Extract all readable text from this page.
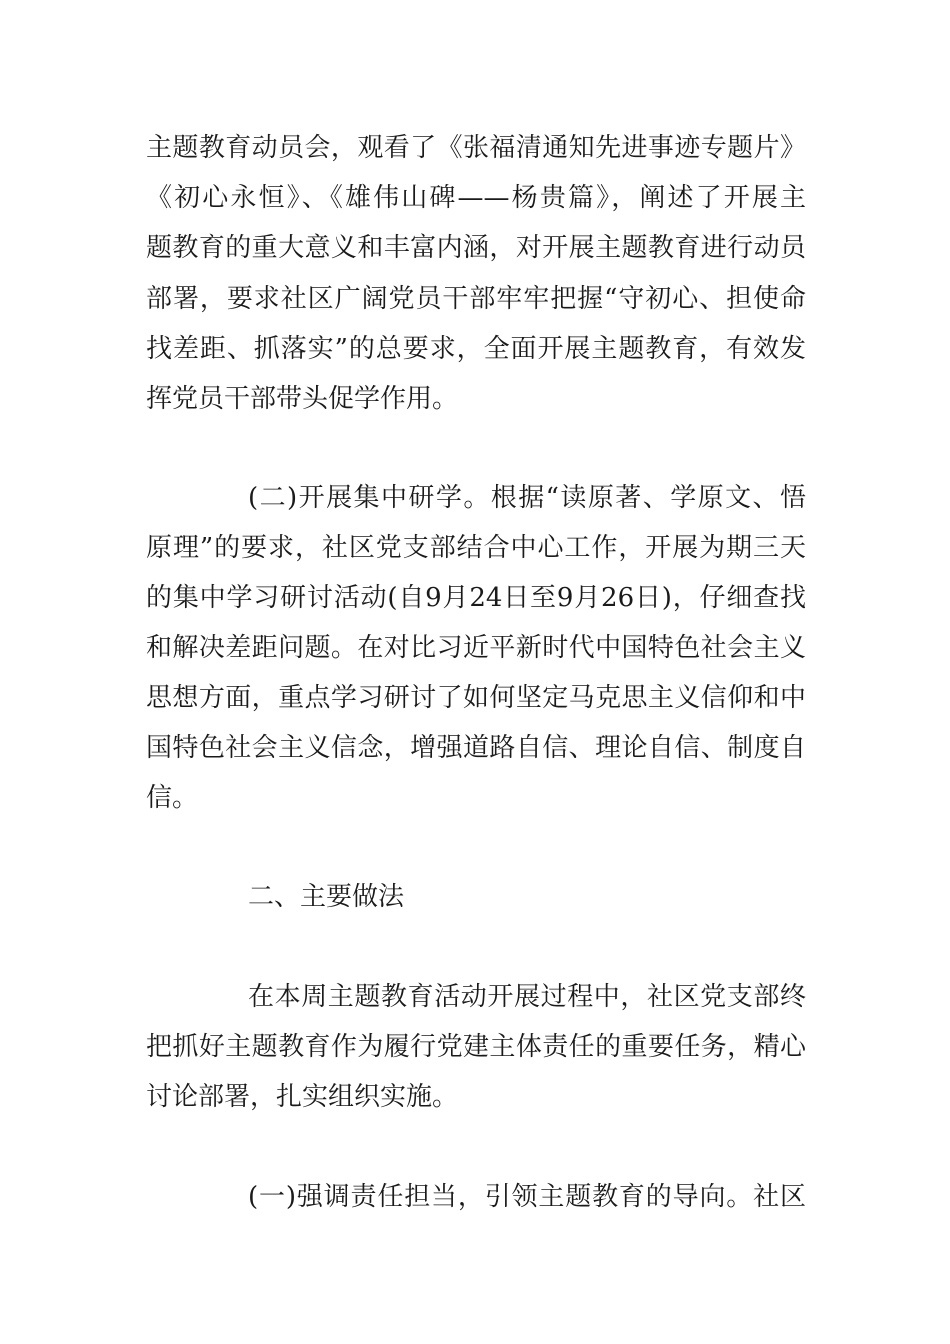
主题教育动员会，观看了《张福清通知先进事迹专题片》
《初心永恒》、《雄伟山碑——杨贵篇》，阐述了开展主
题教育的重大意义和丰富内涵，对开展主题教育进行动员
部署，要求社区广阔党员干部牢牢把握“守初心、担使命
找差距、抓落实”的总要求，全面开展主题教育，有效发
挥党员干部带头促学作用。
(二)开展集中研学。根据“读原著、学原文、悟
原理”的要求，社区党支部结合中心工作，开展为期三天
的集中学习研讨活动(自9月24日至9月26日)，仔细查找
和解决差距问题。在对比习近平新时代中国特色社会主义
思想方面，重点学习研讨了如何坚定马克思主义信仰和中
国特色社会主义信念，增强道路自信、理论自信、制度自
信。
二、主要做法
在本周主题教育活动开展过程中，社区党支部终
把抓好主题教育作为履行党建主体责任的重要任务，精心
讨论部署，扎实组织实施。
(一)强调责任担当，引领主题教育的导向。社区
